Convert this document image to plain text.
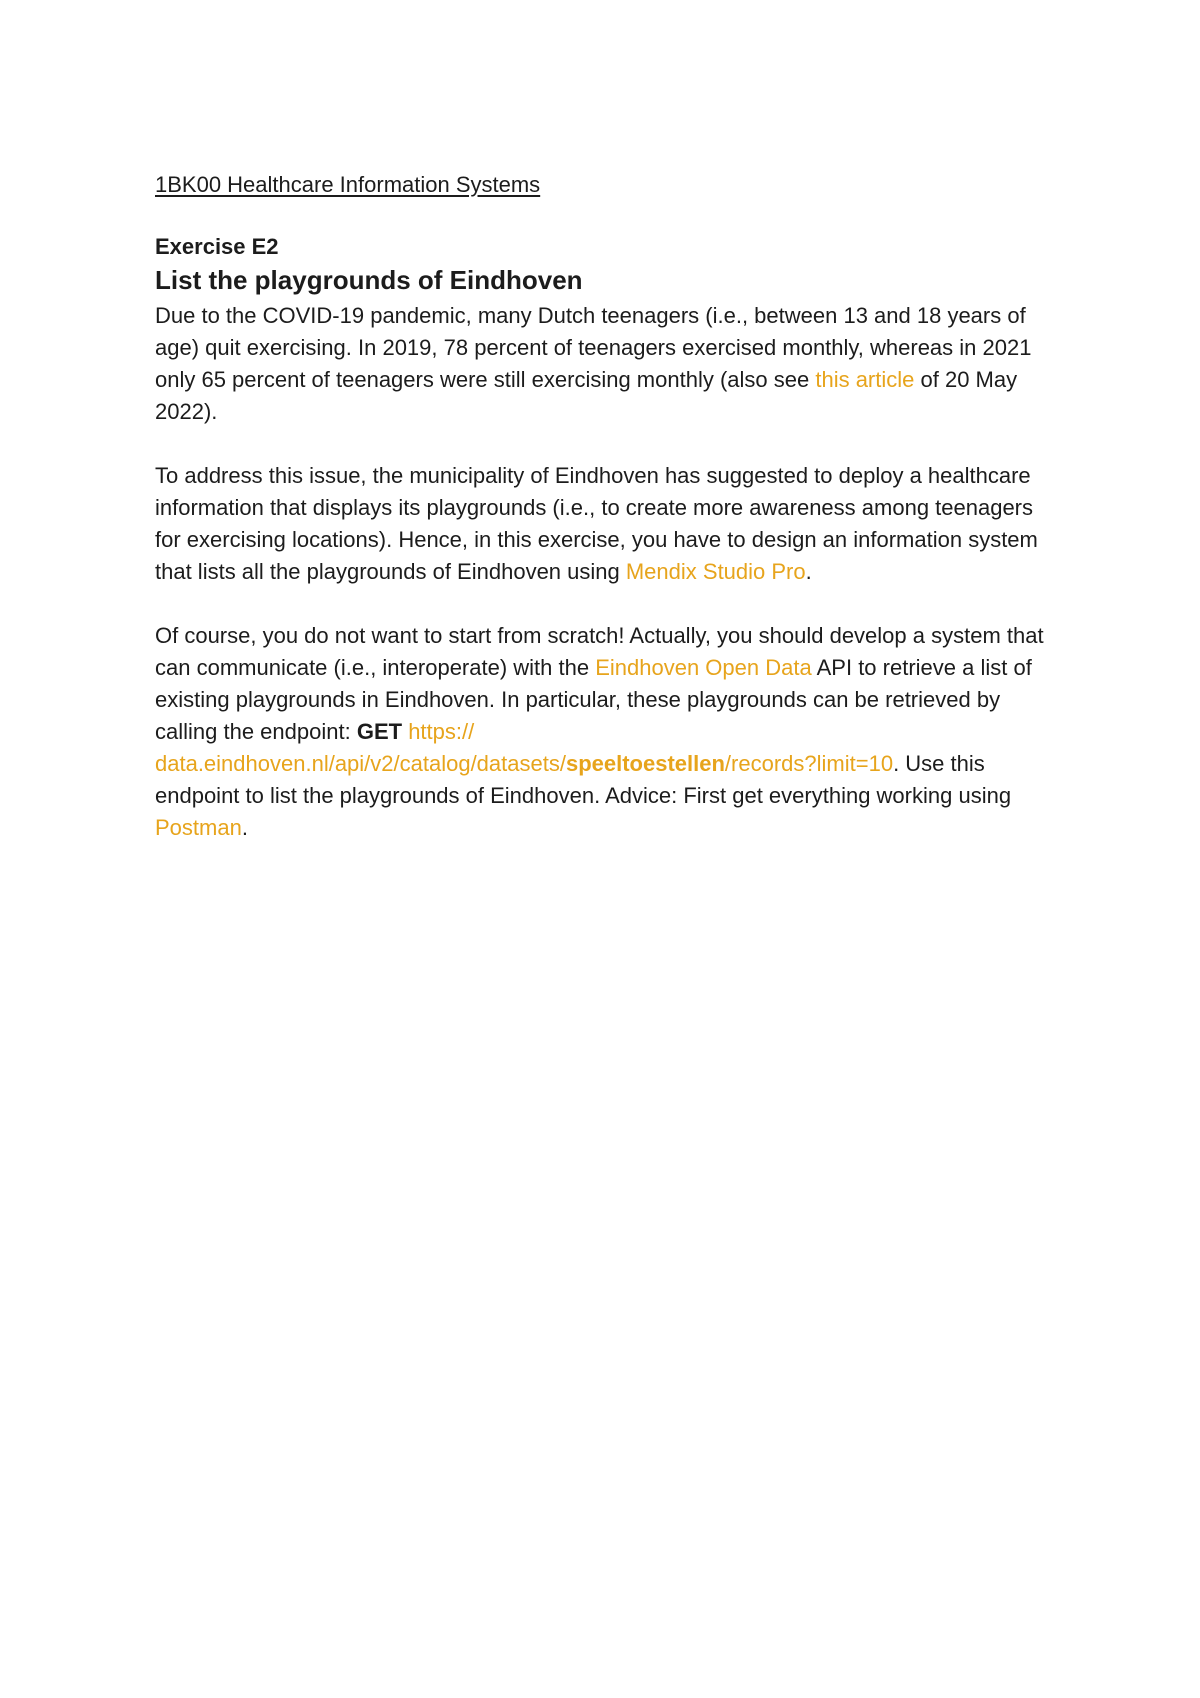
1BK00 Healthcare Information Systems
Exercise E2
List the playgrounds of Eindhoven

Due to the COVID-19 pandemic, many Dutch teenagers (i.e., between 13 and 18 years of age) quit exercising. In 2019, 78 percent of teenagers exercised monthly, whereas in 2021 only 65 percent of teenagers were still exercising monthly (also see this article of 20 May 2022).

To address this issue, the municipality of Eindhoven has suggested to deploy a healthcare information that displays its playgrounds (i.e., to create more awareness among teenagers for exercising locations). Hence, in this exercise, you have to design an information system that lists all the playgrounds of Eindhoven using Mendix Studio Pro.

Of course, you do not want to start from scratch! Actually, you should develop a system that can communicate (i.e., interoperate) with the Eindhoven Open Data API to retrieve a list of existing playgrounds in Eindhoven. In particular, these playgrounds can be retrieved by calling the endpoint: GET https:// data.eindhoven.nl/api/v2/catalog/datasets/speeltoestellen/records?limit=10. Use this endpoint to list the playgrounds of Eindhoven. Advice: First get everything working using Postman.
